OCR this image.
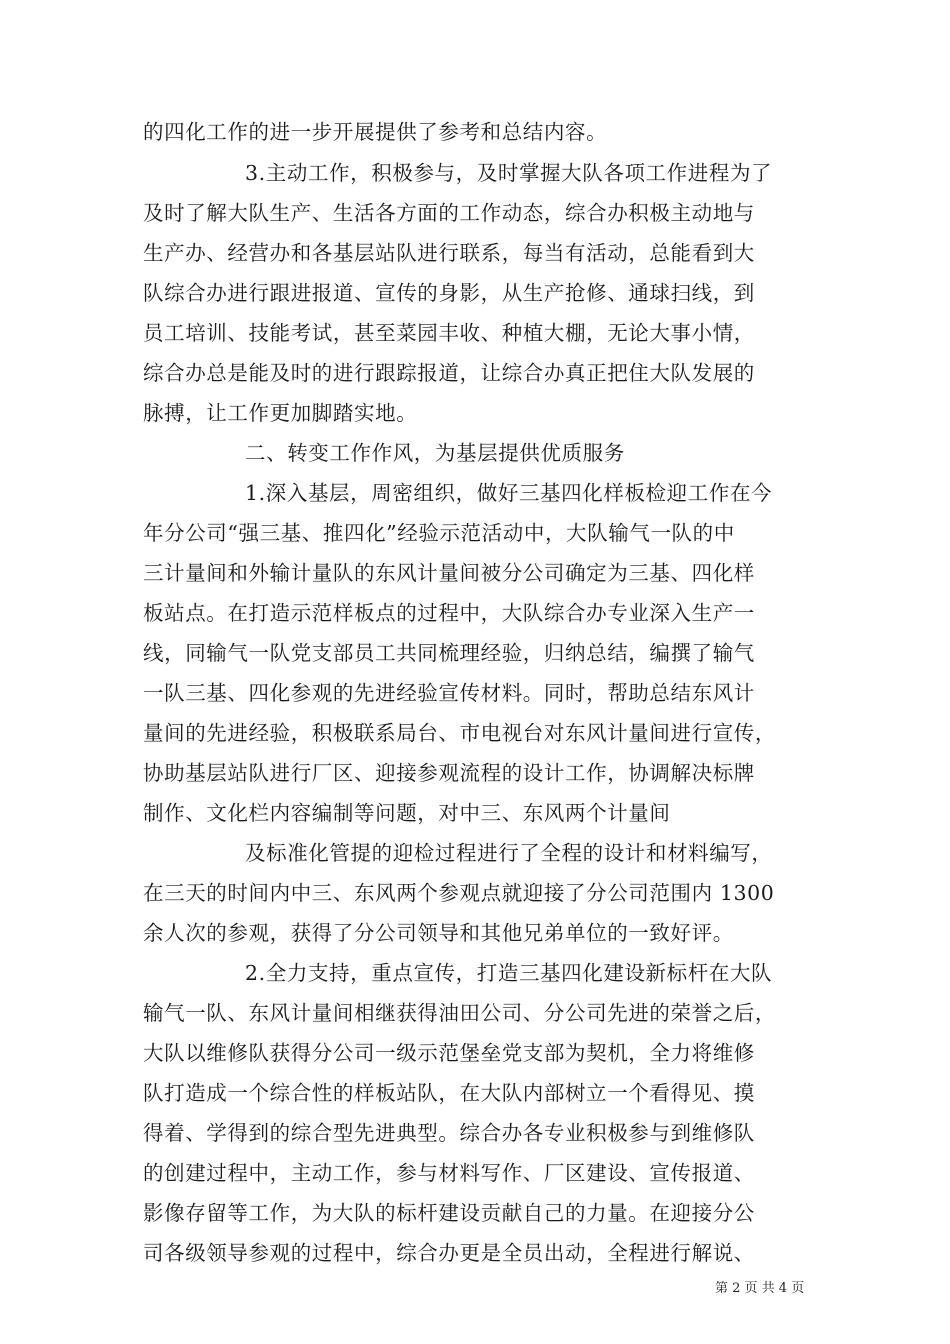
的四化工作的进一步开展提供了参考和总结内容。
3.主动工作，积极参与，及时掌握大队各项工作进程为了
及时了解大队生产、生活各方面的工作动态，综合办积极主动地与
生产办、经营办和各基层站队进行联系，每当有活动，总能看到大
队综合办进行跟进报道、宣传的身影，从生产抢修、通球扫线，到
员工培训、技能考试，甚至菜园丰收、种植大棚，无论大事小情，
综合办总是能及时的进行跟踪报道，让综合办真正把住大队发展的
脉搏，让工作更加脚踏实地。
二、转变工作作风，为基层提供优质服务
1.深入基层，周密组织，做好三基四化样板检迎工作在今
年分公司“强三基、推四化”经验示范活动中，大队输气一队的中
三计量间和外输计量队的东风计量间被分公司确定为三基、四化样
板站点。在打造示范样板点的过程中，大队综合办专业深入生产一
线，同输气一队党支部员工共同梳理经验，归纳总结，编撰了输气
一队三基、四化参观的先进经验宣传材料。同时，帮助总结东风计
量间的先进经验，积极联系局台、市电视台对东风计量间进行宣传，
协助基层站队进行厂区、迎接参观流程的设计工作，协调解决标牌
制作、文化栏内容编制等问题，对中三、东风两个计量间
及标准化管提的迎检过程进行了全程的设计和材料编写，
在三天的时间内中三、东风两个参观点就迎接了分公司范围内 1300
余人次的参观，获得了分公司领导和其他兄弟单位的一致好评。
2.全力支持，重点宣传，打造三基四化建设新标杆在大队
输气一队、东风计量间相继获得油田公司、分公司先进的荣誉之后，
大队以维修队获得分公司一级示范堡垒党支部为契机，全力将维修
队打造成一个综合性的样板站队，在大队内部树立一个看得见、摸
得着、学得到的综合型先进典型。综合办各专业积极参与到维修队
的创建过程中，主动工作，参与材料写作、厂区建设、宣传报道、
影像存留等工作，为大队的标杆建设贡献自己的力量。在迎接分公
司各级领导参观的过程中，综合办更是全员出动，全程进行解说、
第 2 页 共 4 页
